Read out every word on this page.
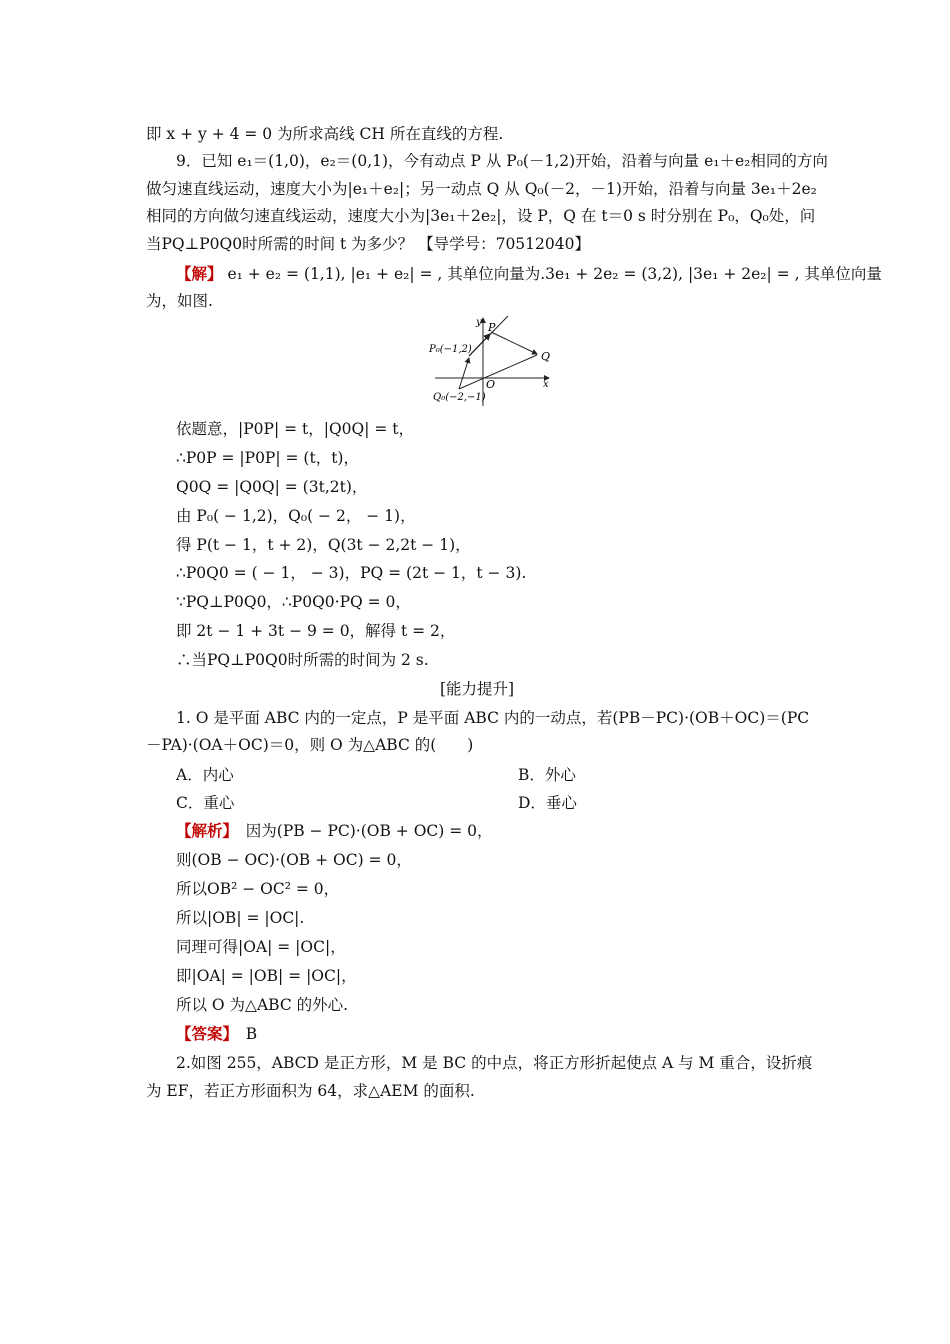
即 x + y + 4 = 0 为所求高线 CH 所在直线的方程.
9．已知 e₁＝(1,0)，e₂＝(0,1)，今有动点 P 从 P₀(－1,2)开始，沿着与向量 e₁＋e₂相同的方向
做匀速直线运动，速度大小为|e₁＋e₂|；另一动点 Q 从 Q₀(－2，－1)开始，沿着与向量 3e₁＋2e₂
相同的方向做匀速直线运动，速度大小为|3e₁＋2e₂|，设 P，Q 在 t＝0 s 时分别在 P₀，Q₀处，问
当PQ⊥P0Q0时所需的时间 t 为多少？ 【导学号：70512040】
【解】 e₁ + e₂ = (1,1), |e₁ + e₂| = , 其单位向量为.3e₁ + 2e₂ = (3,2), |3e₁ + 2e₂| = , 其单位向量
为，如图.
y
x
O
P
Q
P₀(−1,2)
Q₀(−2,−1)
依题意，|P0P| = t，|Q0Q| = t，
∴P0P = |P0P| = (t，t)，
Q0Q = |Q0Q| = (3t,2t)，
由 P₀( − 1,2)，Q₀( − 2， − 1)，
得 P(t − 1，t + 2)，Q(3t − 2,2t − 1)，
∴P0Q0 = ( − 1， − 3)，PQ = (2t − 1，t − 3).
∵PQ⊥P0Q0，∴P0Q0·PQ = 0，
即 2t − 1 + 3t − 9 = 0，解得 t = 2，
∴当PQ⊥P0Q0时所需的时间为 2 s.
[能力提升]
1. O 是平面 ABC 内的一定点，P 是平面 ABC 内的一动点，若(PB－PC)·(OB＋OC)＝(PC
－PA)·(OA＋OC)＝0，则 O 为△ABC 的(　　)
A．内心	B．外心
C．重心	D．垂心
【解析】　因为(PB − PC)·(OB + OC) = 0，
则(OB − OC)·(OB + OC) = 0，
所以OB² − OC² = 0，
所以|OB| = |OC|.
同理可得|OA| = |OC|，
即|OA| = |OB| = |OC|，
所以 O 为△ABC 的外心.
【答案】　B
2.如图 255，ABCD 是正方形，M 是 BC 的中点，将正方形折起使点 A 与 M 重合，设折痕
为 EF，若正方形面积为 64，求△AEM 的面积.
